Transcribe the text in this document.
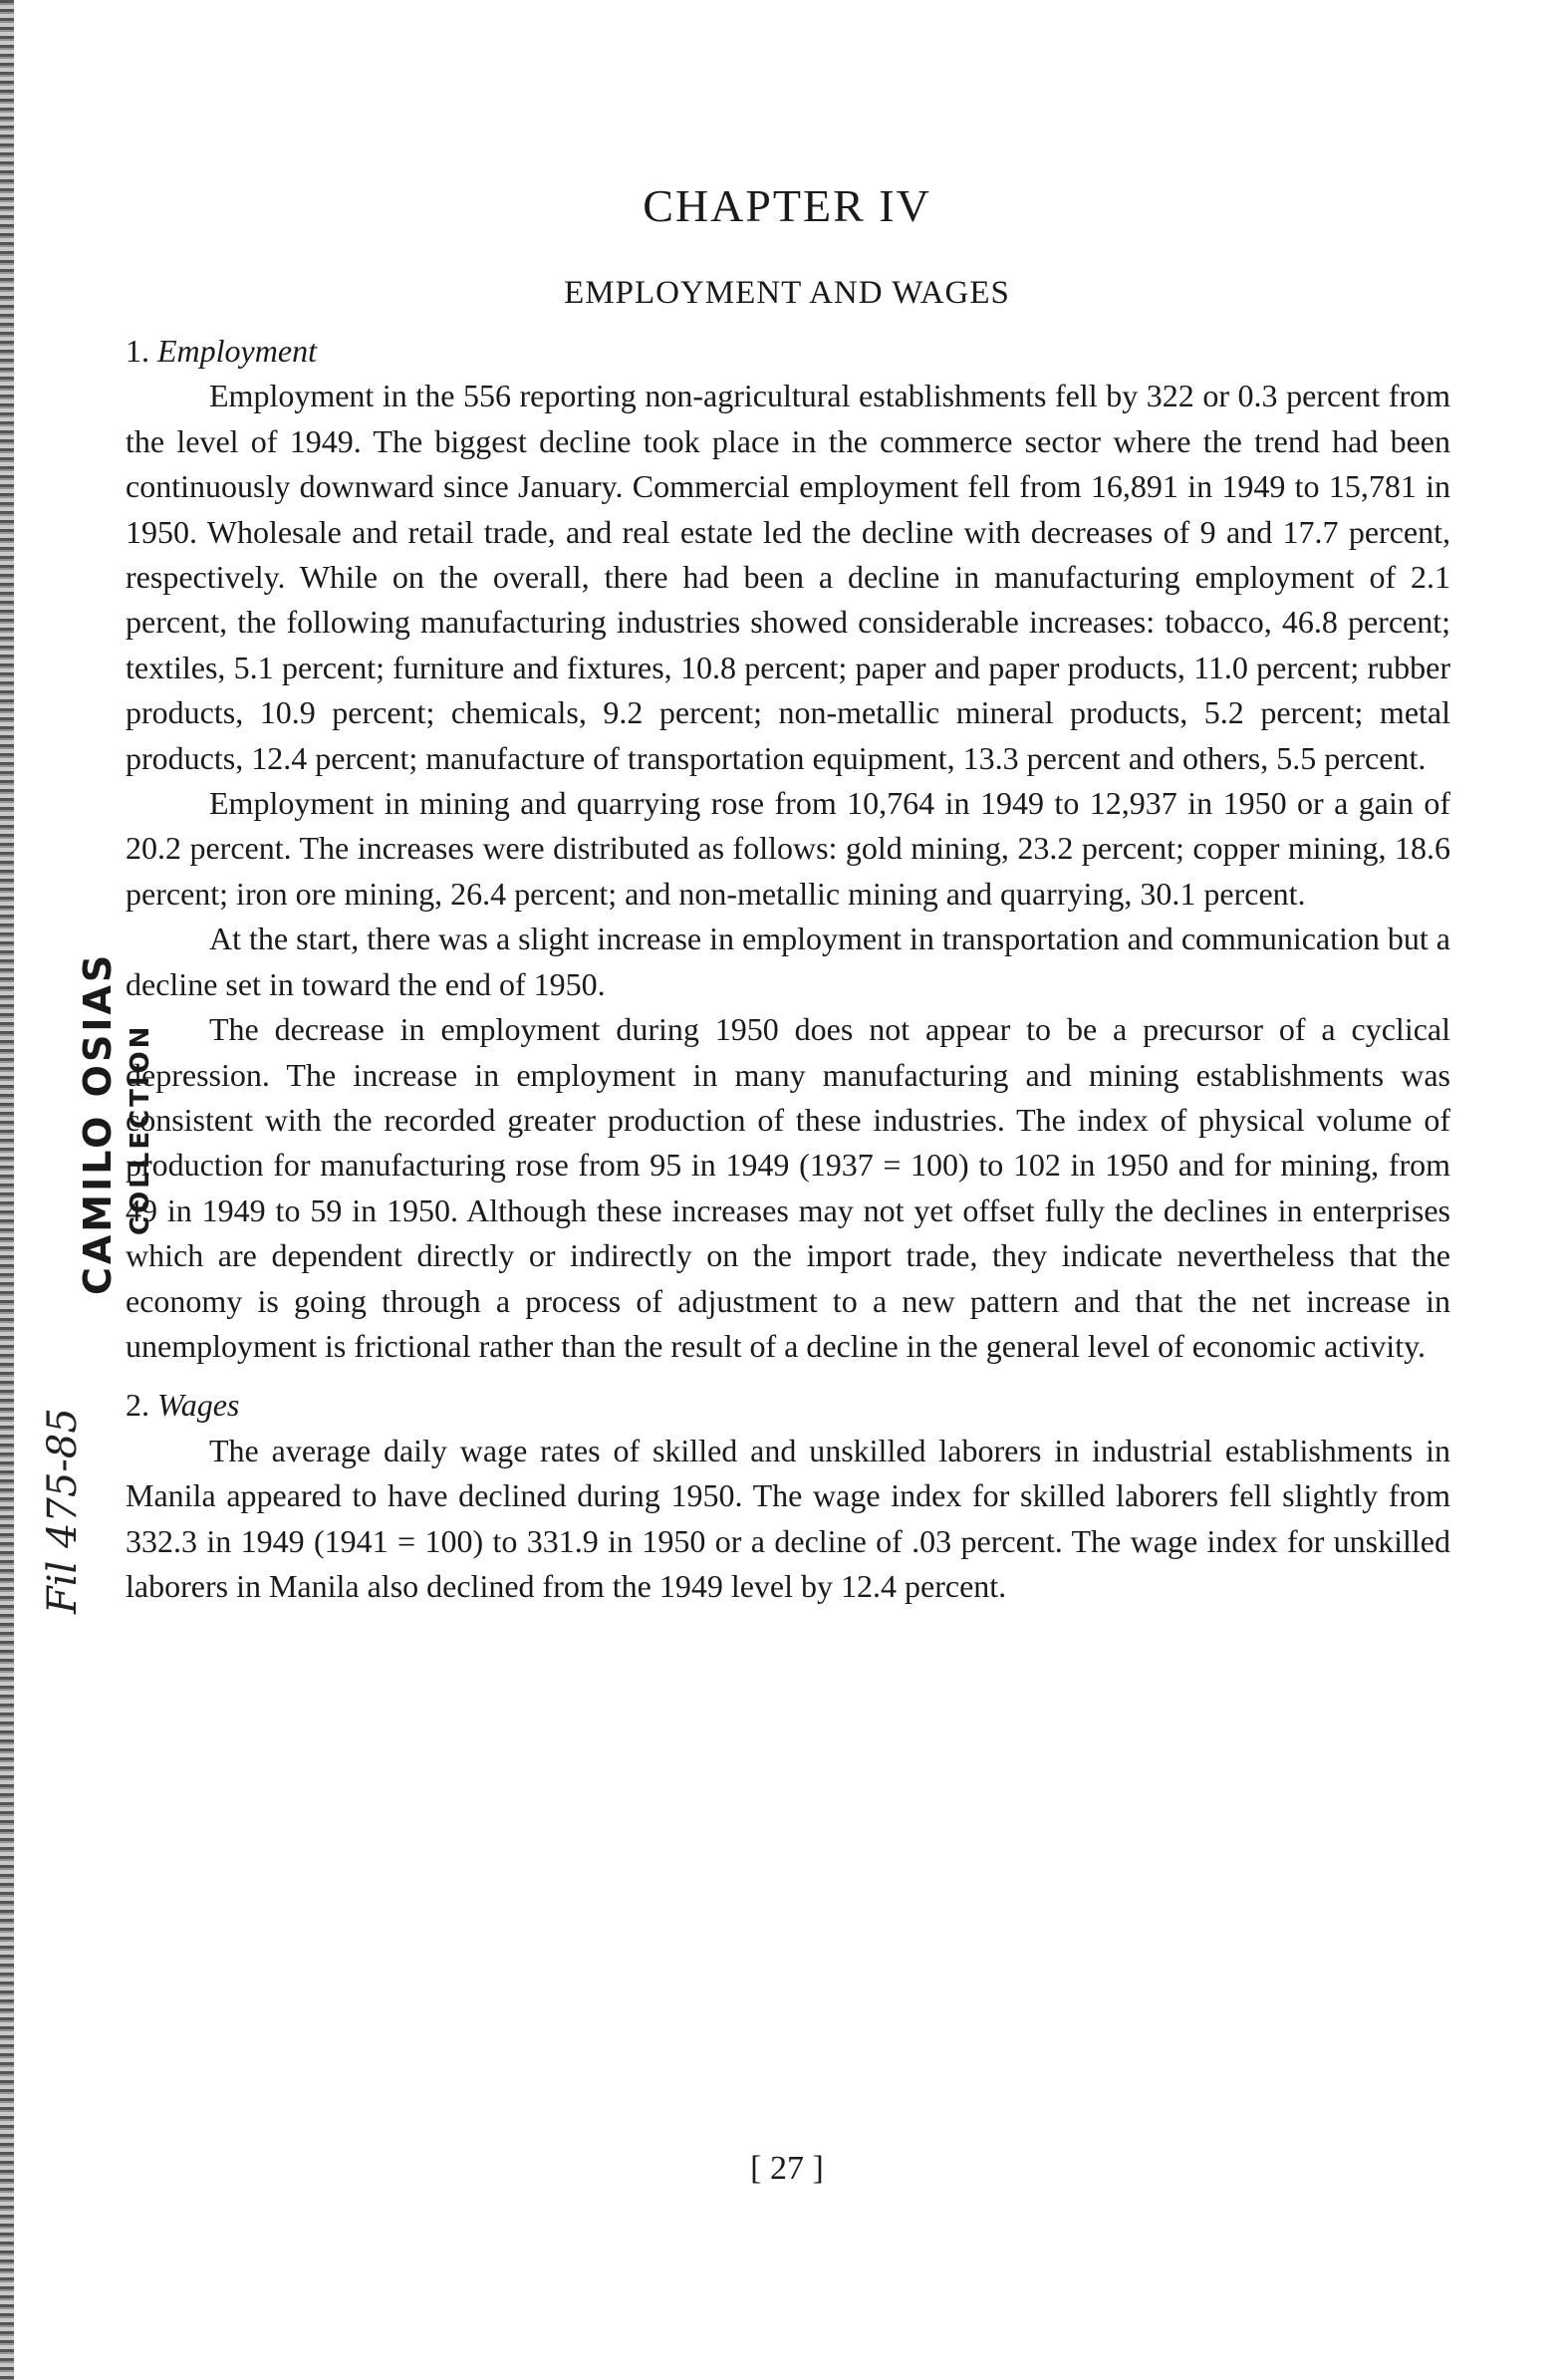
CAMILO OSIAS COLLECTION
Fil 475-85
CHAPTER IV
EMPLOYMENT AND WAGES

1. Employment

Employment in the 556 reporting non-agricultural establishments fell by 322 or 0.3 percent from the level of 1949. The biggest decline took place in the commerce sector where the trend had been continuously downward since January. Commercial employment fell from 16,891 in 1949 to 15,781 in 1950. Wholesale and retail trade, and real estate led the decline with decreases of 9 and 17.7 percent, respectively. While on the overall, there had been a decline in manufacturing employment of 2.1 percent, the following manufacturing industries showed considerable increases: tobacco, 46.8 percent; textiles, 5.1 percent; furniture and fixtures, 10.8 percent; paper and paper products, 11.0 percent; rubber products, 10.9 percent; chemicals, 9.2 percent; non-metallic mineral products, 5.2 percent; metal products, 12.4 percent; manufacture of transportation equipment, 13.3 percent and others, 5.5 percent.

Employment in mining and quarrying rose from 10,764 in 1949 to 12,937 in 1950 or a gain of 20.2 percent. The increases were distributed as follows: gold mining, 23.2 percent; copper mining, 18.6 percent; iron ore mining, 26.4 percent; and non-metallic mining and quarrying, 30.1 percent.

At the start, there was a slight increase in employment in transportation and communication but a decline set in toward the end of 1950.

The decrease in employment during 1950 does not appear to be a precursor of a cyclical depression. The increase in employment in many manufacturing and mining establishments was consistent with the recorded greater production of these industries. The index of physical volume of production for manufacturing rose from 95 in 1949 (1937 = 100) to 102 in 1950 and for mining, from 49 in 1949 to 59 in 1950. Although these increases may not yet offset fully the declines in enterprises which are dependent directly or indirectly on the import trade, they indicate nevertheless that the economy is going through a process of adjustment to a new pattern and that the net increase in unemployment is frictional rather than the result of a decline in the general level of economic activity.

2. Wages

The average daily wage rates of skilled and unskilled laborers in industrial establishments in Manila appeared to have declined during 1950. The wage index for skilled laborers fell slightly from 332.3 in 1949 (1941 = 100) to 331.9 in 1950 or a decline of .03 percent. The wage index for unskilled laborers in Manila also declined from the 1949 level by 12.4 percent.

[ 27 ]
